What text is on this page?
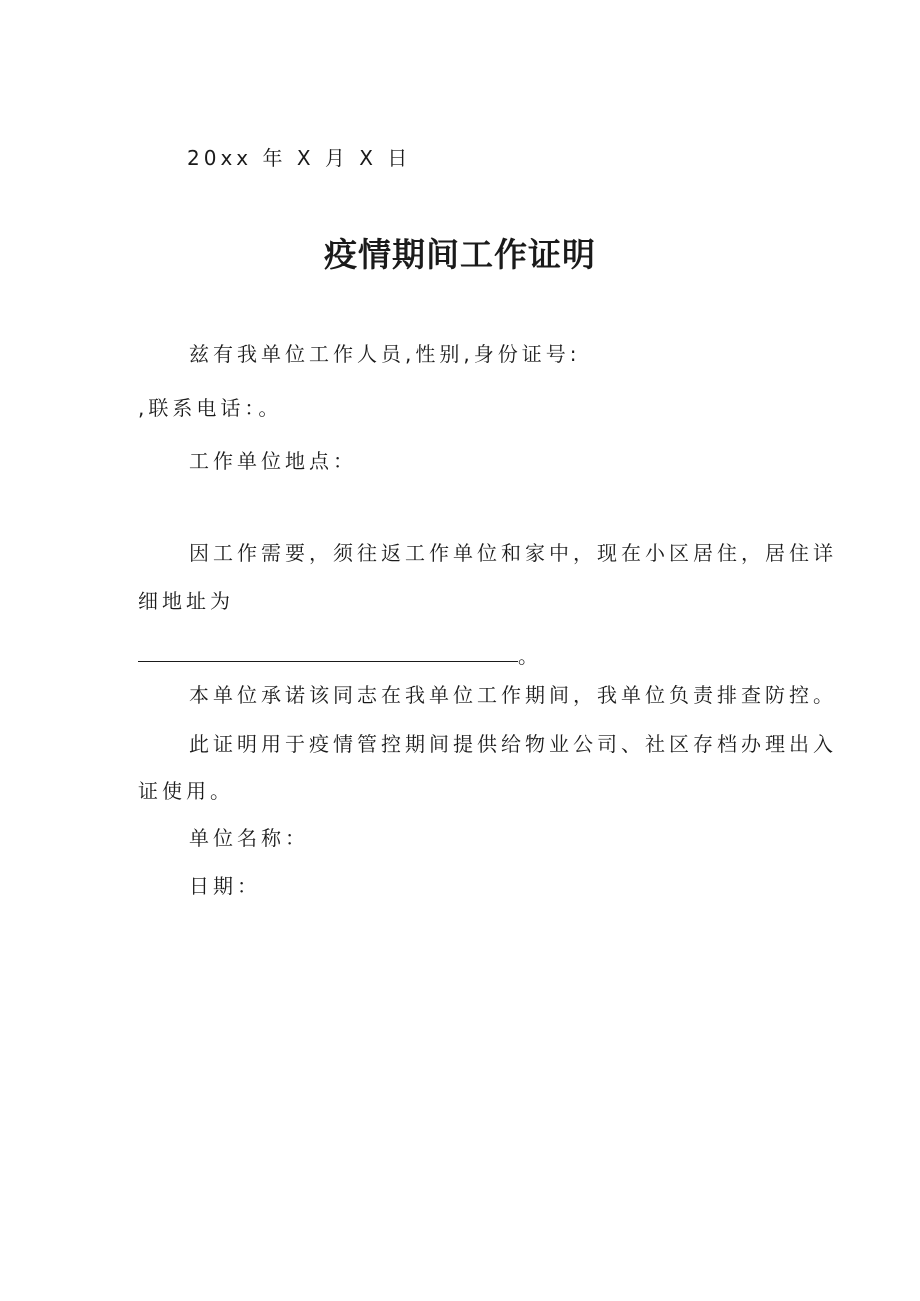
20xx 年 X 月 X 日
疫情期间工作证明
兹有我单位工作人员,性别,身份证号:
,联系电话：。
工作单位地点：
因工作需要，须往返工作单位和家中，现在小区居住，居住详
细地址为
。
本单位承诺该同志在我单位工作期间，我单位负责排查防控。
此证明用于疫情管控期间提供给物业公司、社区存档办理出入
证使用。
单位名称：
日期：
